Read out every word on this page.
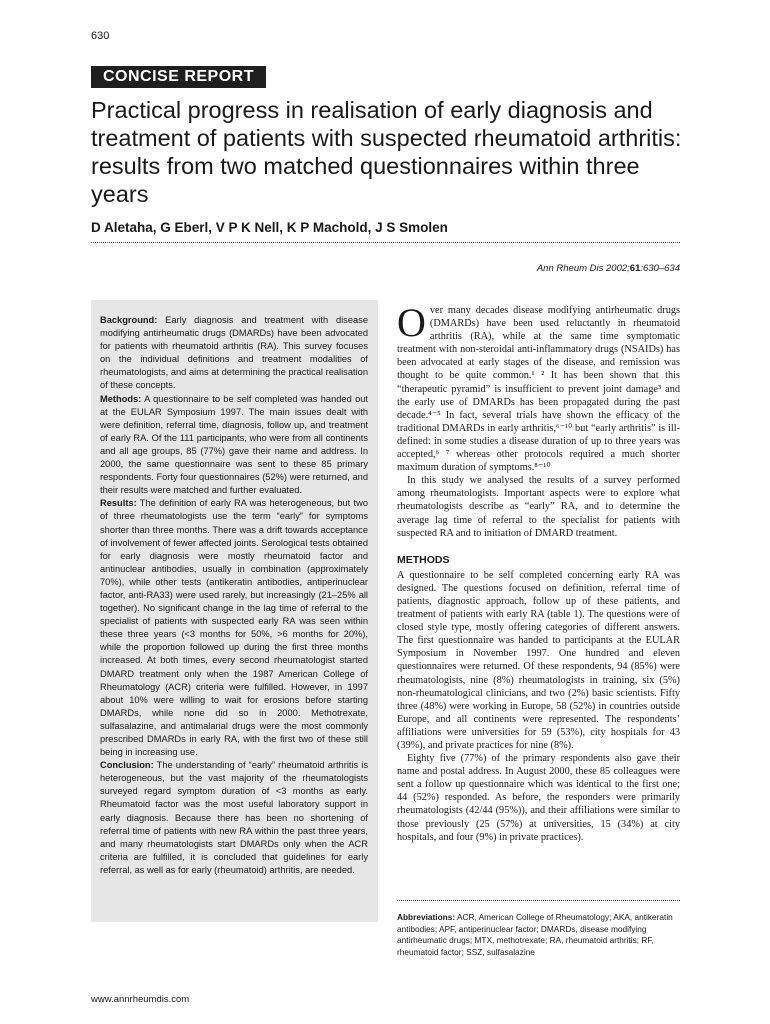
630
CONCISE REPORT
Practical progress in realisation of early diagnosis and treatment of patients with suspected rheumatoid arthritis: results from two matched questionnaires within three years
D Aletaha, G Eberl, V P K Nell, K P Machold, J S Smolen
Ann Rheum Dis 2002;61:630–634

Background: Early diagnosis and treatment with disease modifying antirheumatic drugs (DMARDs) have been advocated for patients with rheumatoid arthritis (RA). This survey focuses on the individual definitions and treatment modalities of rheumatologists, and aims at determining the practical realisation of these concepts.

Methods: A questionnaire to be self completed was handed out at the EULAR Symposium 1997. The main issues dealt with were definition, referral time, diagnosis, follow up, and treatment of early RA. Of the 111 participants, who were from all continents and all age groups, 85 (77%) gave their name and address. In 2000, the same questionnaire was sent to these 85 primary respondents. Forty four questionnaires (52%) were returned, and their results were matched and further evaluated.

Results: The definition of early RA was heterogeneous, but two of three rheumatologists use the term “early” for symptoms shorter than three months. There was a drift towards acceptance of involvement of fewer affected joints. Serological tests obtained for early diagnosis were mostly rheumatoid factor and antinuclear antibodies, usually in combination (approximately 70%), while other tests (antikeratin antibodies, antiperinuclear factor, anti-RA33) were used rarely, but increasingly (21–25% all together). No significant change in the lag time of referral to the specialist of patients with suspected early RA was seen within these three years (<3 months for 50%, >6 months for 20%), while the proportion followed up during the first three months increased. At both times, every second rheumatologist started DMARD treatment only when the 1987 American College of Rheumatology (ACR) criteria were fulfilled. However, in 1997 about 10% were willing to wait for erosions before starting DMARDs, while none did so in 2000. Methotrexate, sulfasalazine, and antimalarial drugs were the most commonly prescribed DMARDs in early RA, with the first two of these still being in increasing use.

Conclusion: The understanding of “early” rheumatoid arthritis is heterogeneous, but the vast majority of the rheumatologists surveyed regard symptom duration of <3 months as early. Rheumatoid factor was the most useful laboratory support in early diagnosis. Because there has been no shortening of referral time of patients with new RA within the past three years, and many rheumatologists start DMARDs only when the ACR criteria are fulfilled, it is concluded that guidelines for early referral, as well as for early (rheumatoid) arthritis, are needed.

Over many decades disease modifying antirheumatic drugs (DMARDs) have been used reluctantly in rheumatoid arthritis (RA), while at the same time symptomatic treatment with non-steroidal anti-inflammatory drugs (NSAIDs) has been advocated at early stages of the disease, and remission was thought to be quite common.¹ ² It has been shown that this “therapeutic pyramid” is insufficient to prevent joint damage³ and the early use of DMARDs has been propagated during the past decade.⁴⁻⁵ In fact, several trials have shown the efficacy of the traditional DMARDs in early arthritis,⁶⁻¹⁰ but “early arthritis” is ill-defined: in some studies a disease duration of up to three years was accepted,⁶ ⁷ whereas other protocols required a much shorter maximum duration of symptoms.⁸⁻¹⁰

In this study we analysed the results of a survey performed among rheumatologists. Important aspects were to explore what rheumatologists describe as “early” RA, and to determine the average lag time of referral to the specialist for patients with suspected RA and to initiation of DMARD treatment.

METHODS

A questionnaire to be self completed concerning early RA was designed. The questions focused on definition, referral time of patients, diagnostic approach, follow up of these patients, and treatment of patients with early RA (table 1). The questions were of closed style type, mostly offering categories of different answers. The first questionnaire was handed to participants at the EULAR Symposium in November 1997. One hundred and eleven questionnaires were returned. Of these respondents, 94 (85%) were rheumatologists, nine (8%) rheumatologists in training, six (5%) non-rheumatological clinicians, and two (2%) basic scientists. Fifty three (48%) were working in Europe, 58 (52%) in countries outside Europe, and all continents were represented. The respondents’ affiliations were universities for 59 (53%), city hospitals for 43 (39%), and private practices for nine (8%).

Eighty five (77%) of the primary respondents also gave their name and postal address. In August 2000, these 85 colleagues were sent a follow up questionnaire which was identical to the first one; 44 (52%) responded. As before, the responders were primarily rheumatologists (42/44 (95%)), and their affiliations were similar to those previously (25 (57%) at universities, 15 (34%) at city hospitals, and four (9%) in private practices).

Abbreviations: ACR, American College of Rheumatology; AKA, antikeratin antibodies; APF, antiperinuclear factor; DMARDs, disease modifying antirheumatic drugs; MTX, methotrexate; RA, rheumatoid arthritis; RF, rheumatoid factor; SSZ, sulfasalazine
www.annrheumdis.com
